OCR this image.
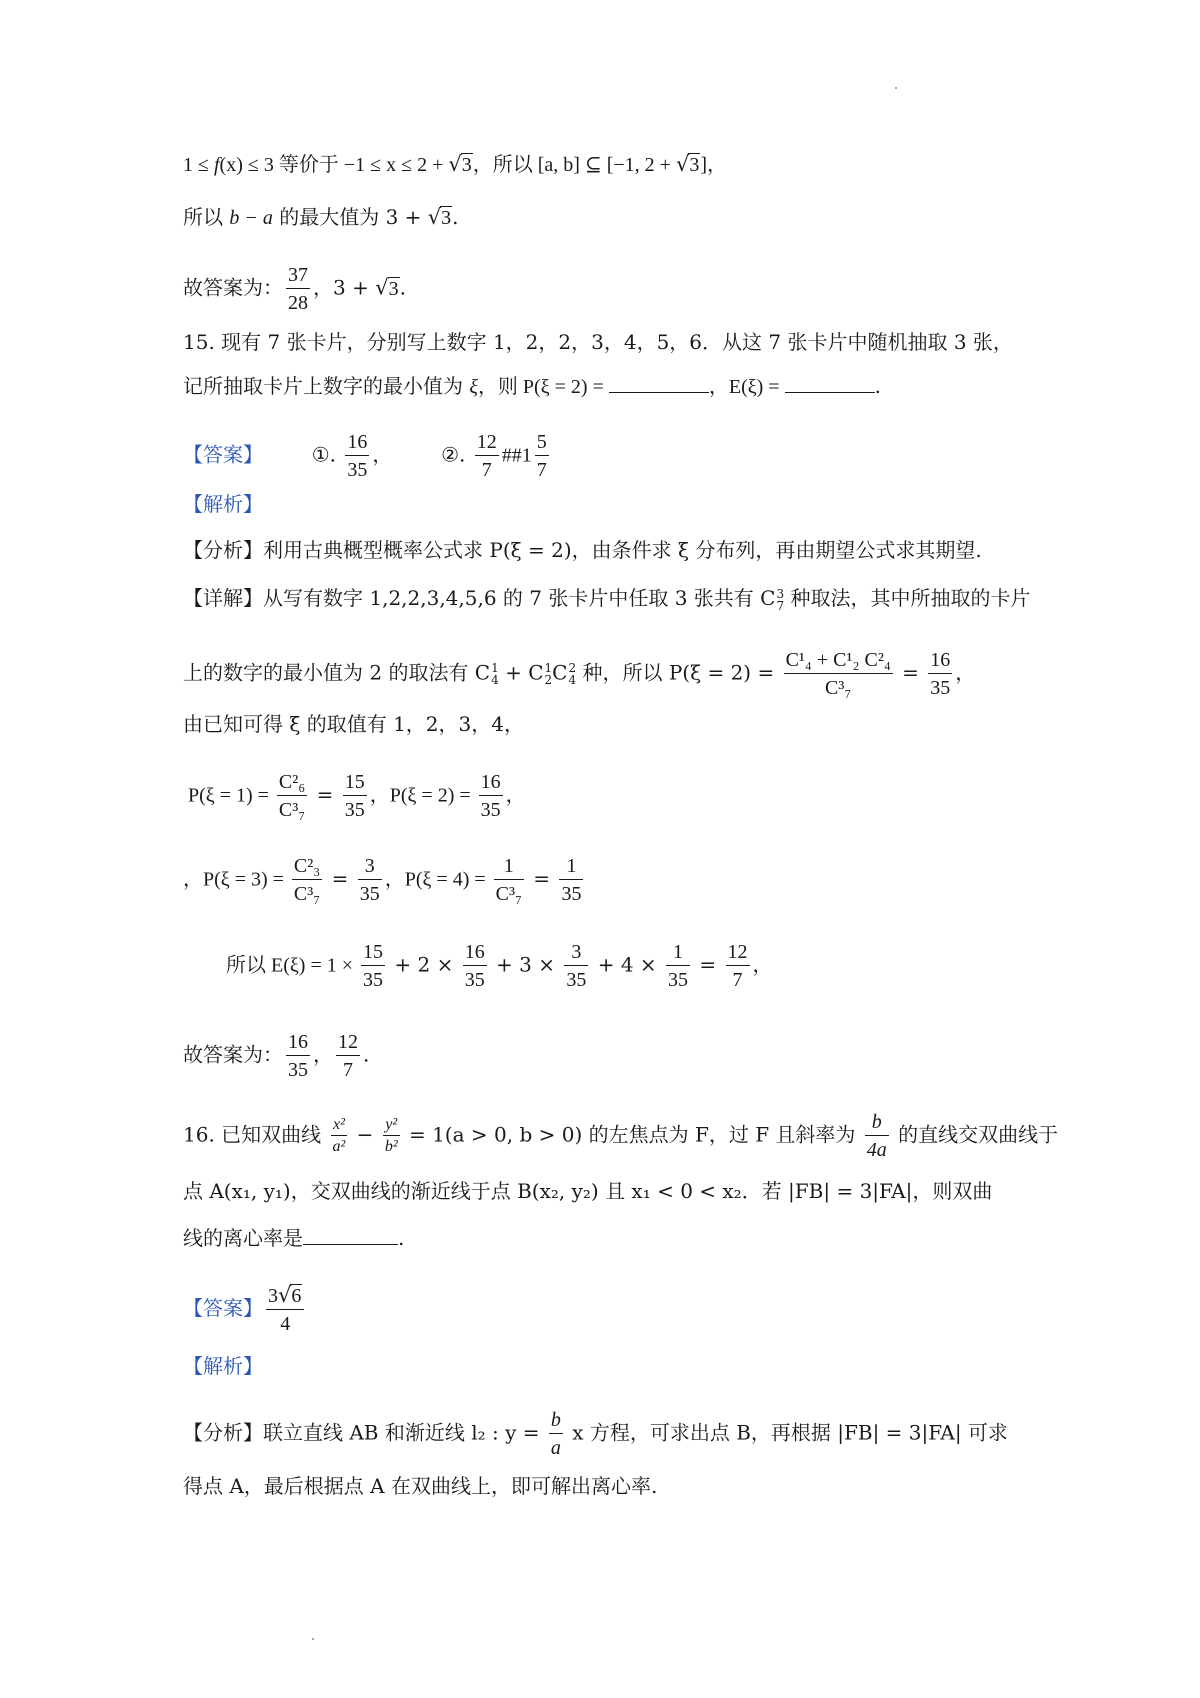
1 ≤ f(x) ≤ 3 等价于 −1 ≤ x ≤ 2 + √3，所以 [a, b] ⊆ [−1, 2 + √3]，
所以 b − a 的最大值为 3 + √3.
故答案为： $\frac{37}{28}$ ，3 + √3.
15. 现有 7 张卡片，分别写上数字 1，2，2，3，4，5，6．从这 7 张卡片中随机抽取 3 张，
记所抽取卡片上数字的最小值为 ξ，则 P(ξ = 2) =	，E(ξ) =	.
【答案】 ①. $\frac{16}{35}$ ， ②. $\frac{12}{7}$ ##1 $\frac{5}{7}$
【解析】
【分析】利用古典概型概率公式求 P(ξ = 2)，由条件求 ξ 分布列，再由期望公式求其期望.
【详解】从写有数字 1,2,2,3,4,5,6 的 7 张卡片中任取 3 张共有 C 3
7 种取法，其中所抽取的卡片
上的数字的最小值为 2 的取法有 C 1
4 + C 1
2 C 2
4 种，所以 $P(\xi = 2) = \frac{\text{C¹₄ + C¹₂ C²₄}}{\text{C³₇}} = \frac{16}{35}$ ，
由已知可得 ξ 的取值有 1，2，3，4，
$P(\xi = 1) = \frac{\text{C²₆}}{\text{C³₇}} = \frac{15}{35}$ ，$P(\xi = 2) = \frac{16}{35}$ ，
，$P(\xi = 3) = \frac{\text{C²₃}}{\text{C³₇}} = \frac{3}{35}$ ，$P(\xi = 4) = \frac{1}{\text{C³₇}} = \frac{1}{35}$
所以 $E(\xi) = 1 \times \frac{15}{35} + 2 \times \frac{16}{35} + 3 \times \frac{3}{35} + 4 \times \frac{1}{35} = \frac{12}{7}$ ，
故答案为： $\frac{16}{35}$ ， $\frac{12}{7}$ .
16. 已知双曲线 $\frac{\text{x²}}{\text{a²}} - \frac{\text{y²}}{\text{b²}} = 1(a > 0$, b > 0) 的左焦点为 F，过 F 且斜率为 $\frac{b}{4a}$ 的直线交双曲线于
点 A(x₁, y₁)，交双曲线的渐近线于点 B(x₂, y₂) 且 x₁ < 0 < x₂．若 |FB| = 3|FA|，则双曲
线的离心率是	.
【答案】 $\frac{3√6}{4}$
【解析】
【分析】联立直线 AB 和渐近线 l₂ : $y = \frac{b}{a}$ x 方程，可求出点 B，再根据 |FB| = 3|FA| 可求
得点 A，最后根据点 A 在双曲线上，即可解出离心率.
